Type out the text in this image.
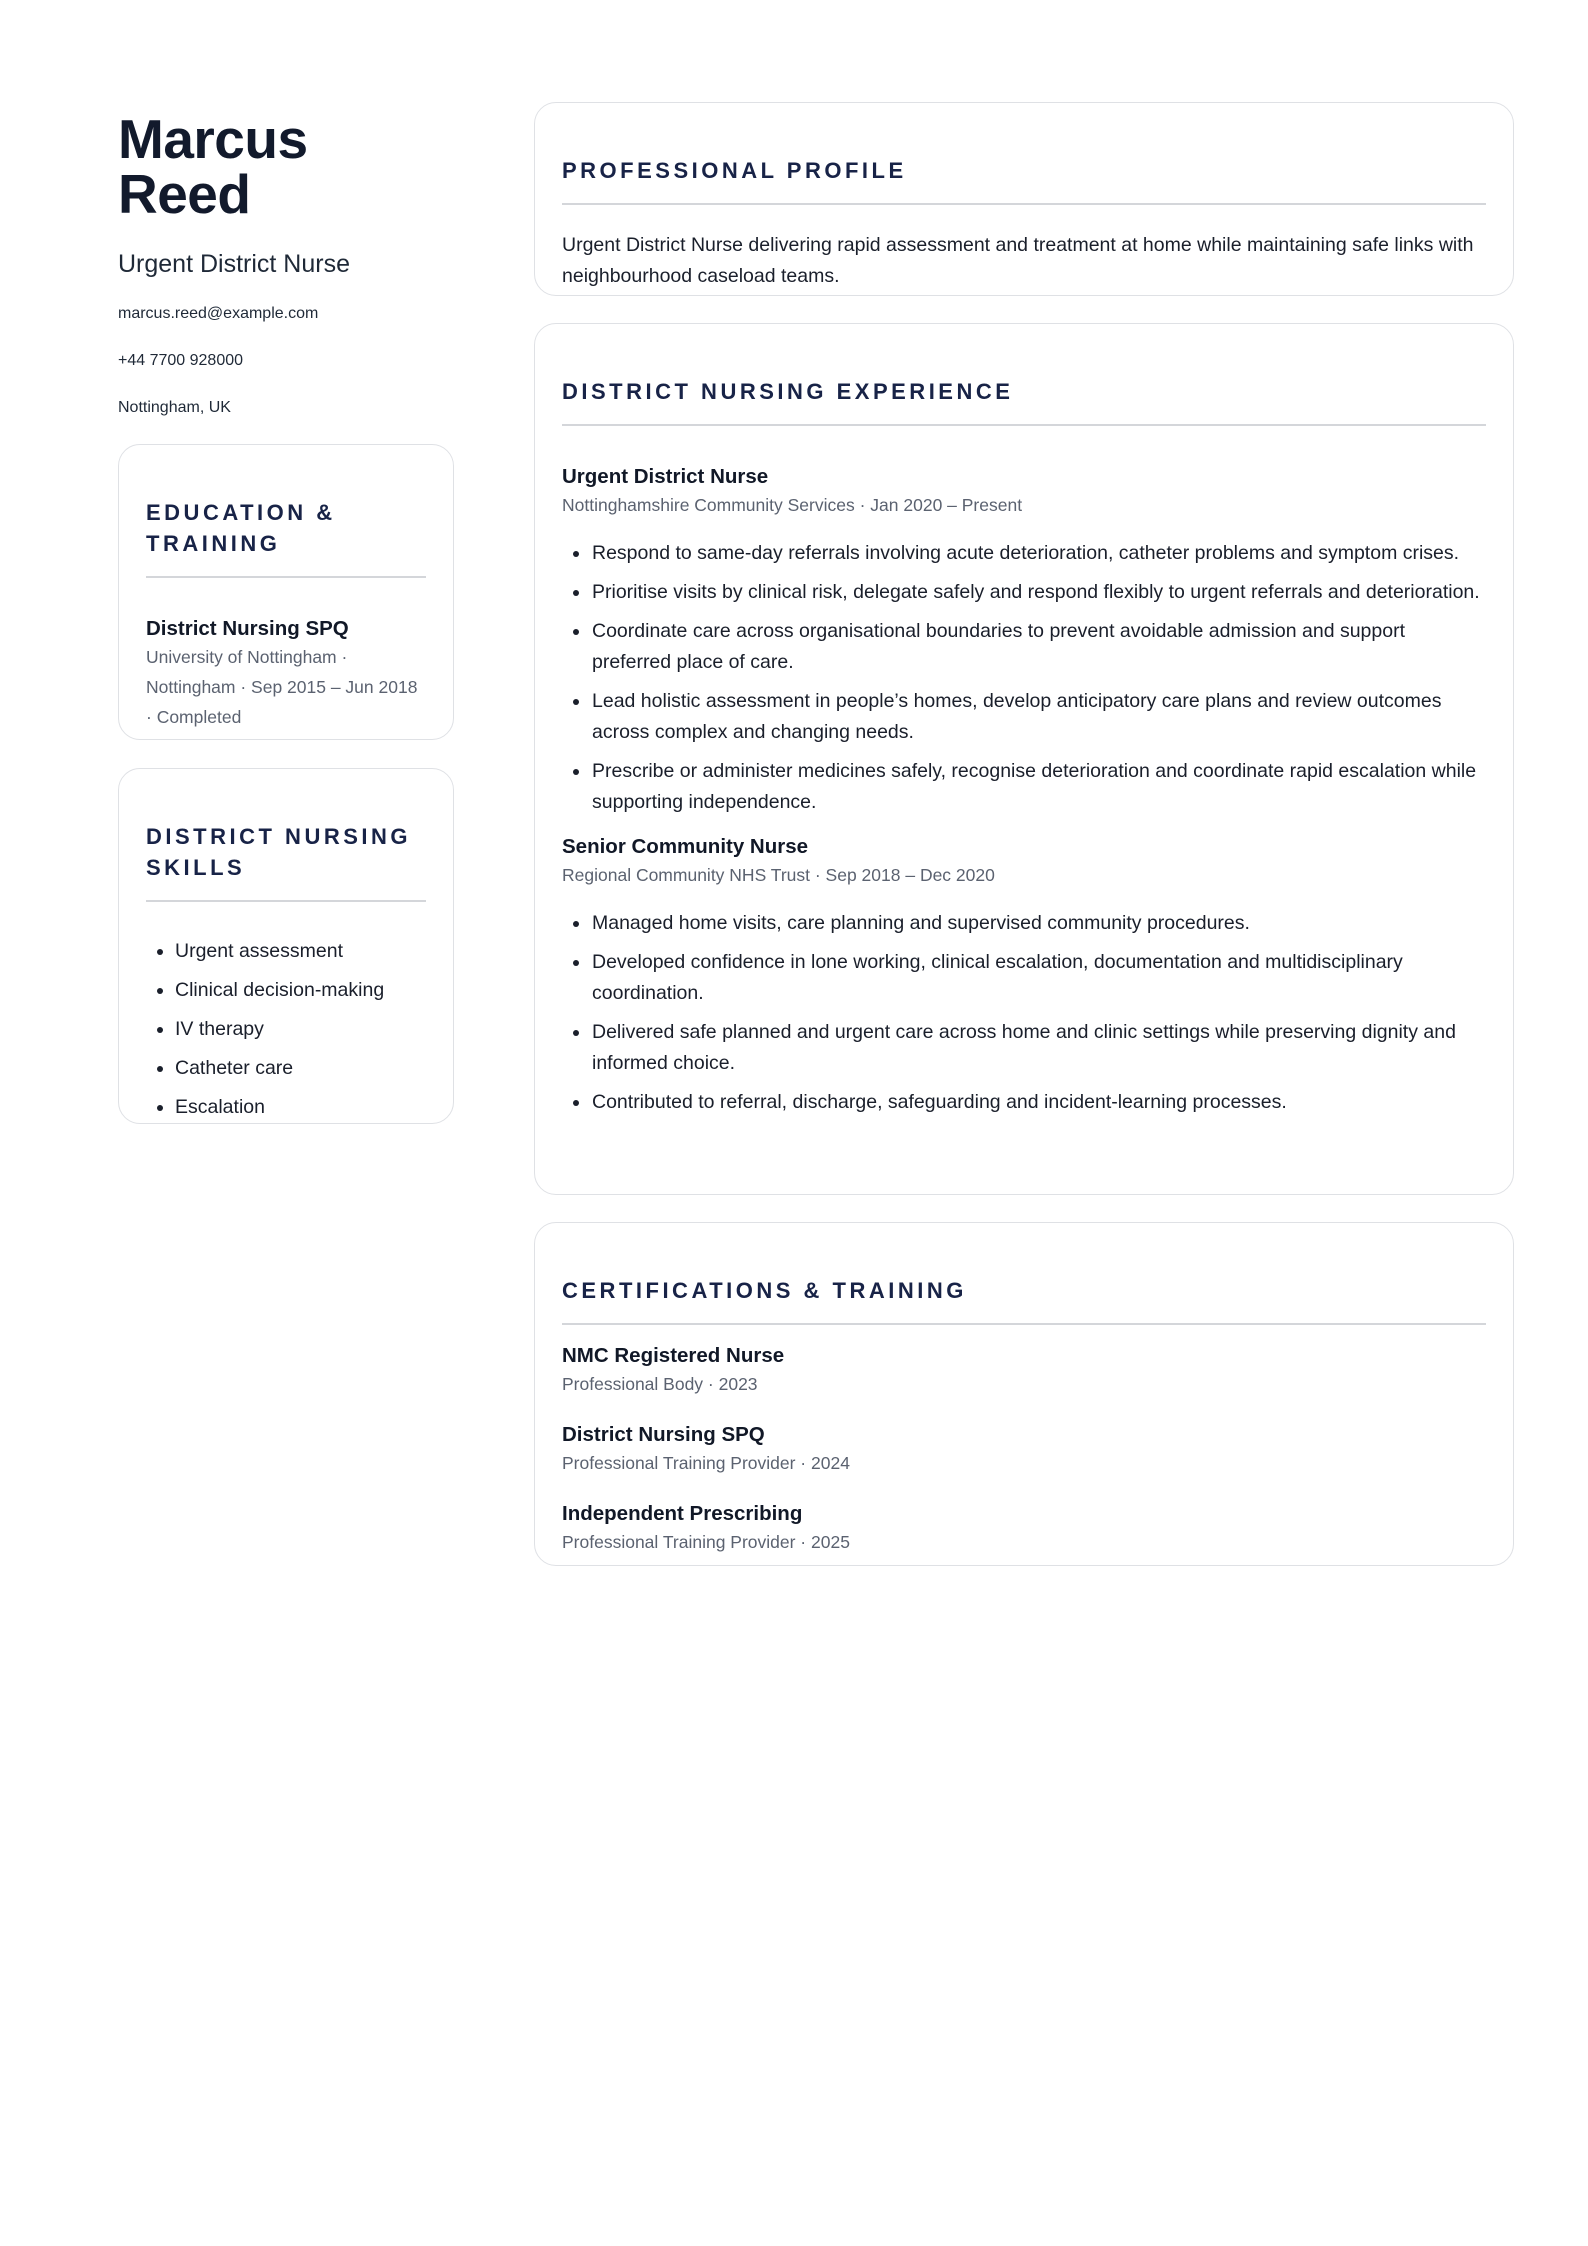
Marcus Reed
Urgent District Nurse
marcus.reed@example.com
+44 7700 928000
Nottingham, UK
EDUCATION & TRAINING
District Nursing SPQ
University of Nottingham · Nottingham · Sep 2015 – Jun 2018 · Completed
DISTRICT NURSING SKILLS
• Urgent assessment
• Clinical decision-making
• IV therapy
• Catheter care
• Escalation
PROFESSIONAL PROFILE
Urgent District Nurse delivering rapid assessment and treatment at home while maintaining safe links with neighbourhood caseload teams.
DISTRICT NURSING EXPERIENCE
Urgent District Nurse
Nottinghamshire Community Services · Jan 2020 – Present
• Respond to same-day referrals involving acute deterioration, catheter problems and symptom crises.
• Prioritise visits by clinical risk, delegate safely and respond flexibly to urgent referrals and deterioration.
• Coordinate care across organisational boundaries to prevent avoidable admission and support preferred place of care.
• Lead holistic assessment in people’s homes, develop anticipatory care plans and review outcomes across complex and changing needs.
• Prescribe or administer medicines safely, recognise deterioration and coordinate rapid escalation while supporting independence.
Senior Community Nurse
Regional Community NHS Trust · Sep 2018 – Dec 2020
• Managed home visits, care planning and supervised community procedures.
• Developed confidence in lone working, clinical escalation, documentation and multidisciplinary coordination.
• Delivered safe planned and urgent care across home and clinic settings while preserving dignity and informed choice.
• Contributed to referral, discharge, safeguarding and incident-learning processes.
CERTIFICATIONS & TRAINING
NMC Registered Nurse
Professional Body · 2023
District Nursing SPQ
Professional Training Provider · 2024
Independent Prescribing
Professional Training Provider · 2025
